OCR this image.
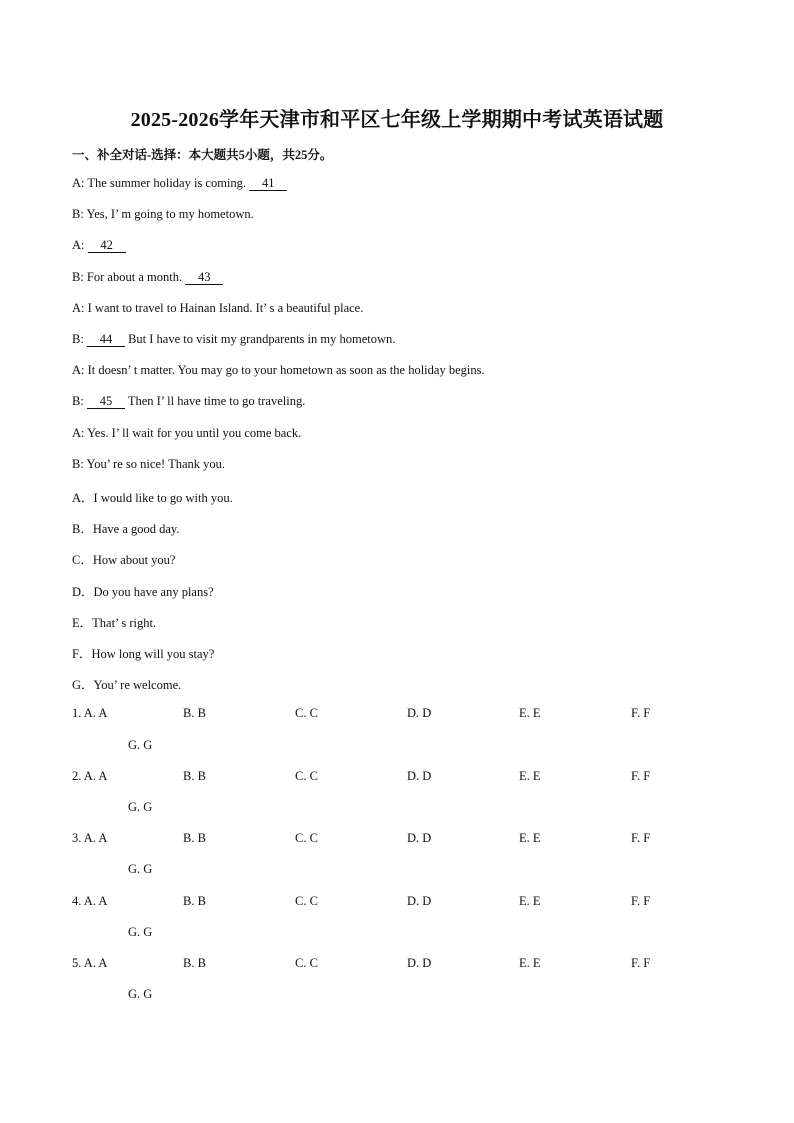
2025-2026学年天津市和平区七年级上学期期中考试英语试题
一、补全对话-选择：本大题共5小题，共25分。
A: The summer holiday is coming. 41
B: Yes, I’ m going to my hometown.
A: 42
B: For about a month. 43
A: I want to travel to Hainan Island. It’ s a beautiful place.
B: 44 But I have to visit my grandparents in my hometown.
A: It doesn’ t matter. You may go to your hometown as soon as the holiday begins.
B: 45 Then I’ ll have time to go traveling.
A: Yes. I’ ll wait for you until you come back.
B: You’ re so nice! Thank you.
A．I would like to go with you.
B．Have a good day.
C．How about you?
D．Do you have any plans?
E．That’ s right.
F．How long will you stay?
G．You’ re welcome.
1. A. A	B. B	C. C	D. D	E. E	F. F
G. G
2. A. A	B. B	C. C	D. D	E. E	F. F
G. G
3. A. A	B. B	C. C	D. D	E. E	F. F
G. G
4. A. A	B. B	C. C	D. D	E. E	F. F
G. G
5. A. A	B. B	C. C	D. D	E. E	F. F
G. G
